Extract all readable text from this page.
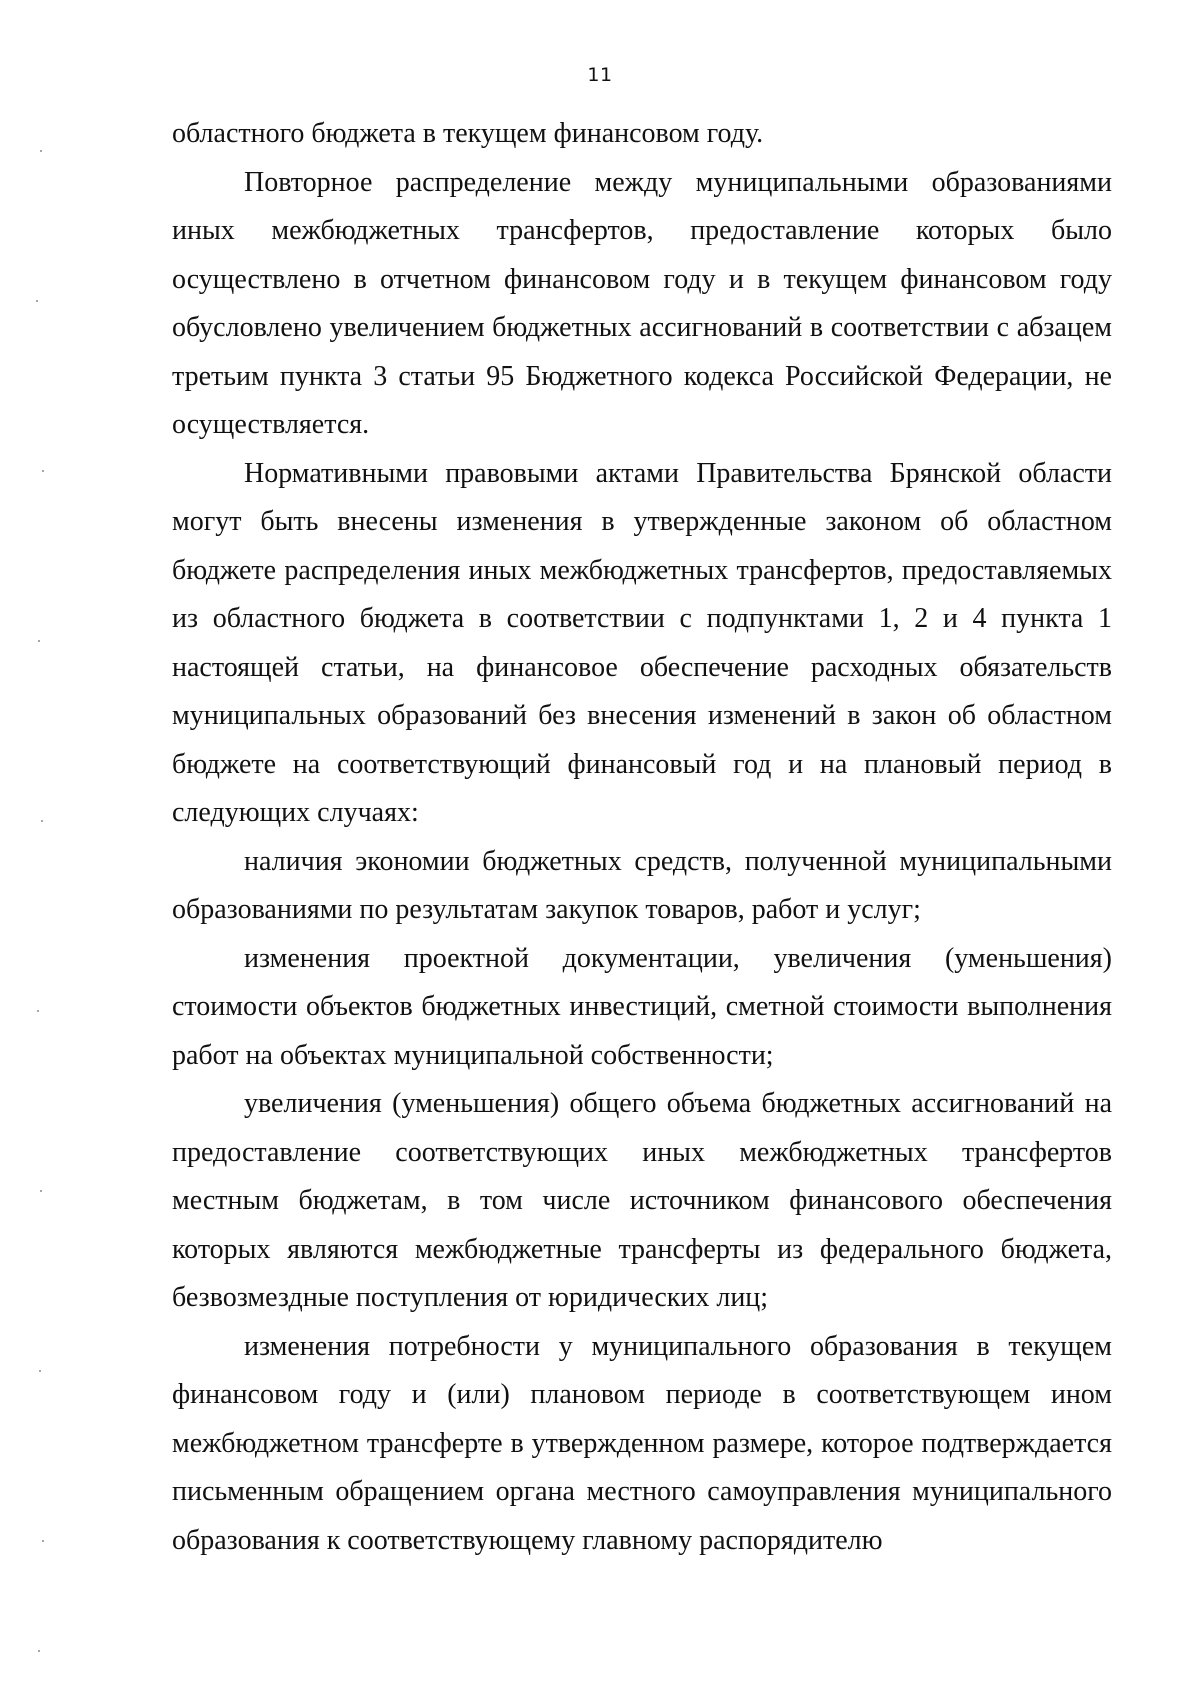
11

областного бюджета в текущем финансовом году.

Повторное распределение между муниципальными образованиями иных межбюджетных трансфертов, предоставление которых было осуществлено в отчетном финансовом году и в текущем финансовом году обусловлено увеличением бюджетных ассигнований в соответствии с абзацем третьим пункта 3 статьи 95 Бюджетного кодекса Российской Федерации, не осуществляется.

Нормативными правовыми актами Правительства Брянской области могут быть внесены изменения в утвержденные законом об областном бюджете распределения иных межбюджетных трансфертов, предоставляемых из областного бюджета в соответствии с подпунктами 1, 2 и 4 пункта 1 настоящей статьи, на финансовое обеспечение расходных обязательств муниципальных образований без внесения изменений в закон об областном бюджете на соответствующий финансовый год и на плановый период в следующих случаях:

наличия экономии бюджетных средств, полученной муниципальными образованиями по результатам закупок товаров, работ и услуг;

изменения проектной документации, увеличения (уменьшения) стоимости объектов бюджетных инвестиций, сметной стоимости выполнения работ на объектах муниципальной собственности;

увеличения (уменьшения) общего объема бюджетных ассигнований на предоставление соответствующих иных межбюджетных трансфертов местным бюджетам, в том числе источником финансового обеспечения которых являются межбюджетные трансферты из федерального бюджета, безвозмездные поступления от юридических лиц;

изменения потребности у муниципального образования в текущем финансовом году и (или) плановом периоде в соответствующем ином межбюджетном трансферте в утвержденном размере, которое подтверждается письменным обращением органа местного самоуправления муниципального образования к соответствующему главному распорядителю
